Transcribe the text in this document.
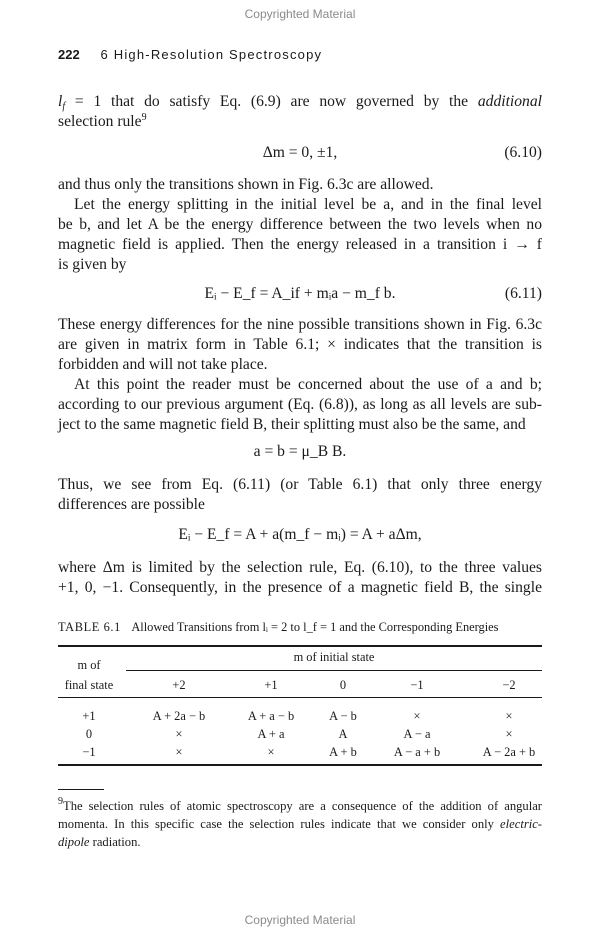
Copyrighted Material
222 6 High-Resolution Spectroscopy
$l_f = 1$ that do satisfy Eq. (6.9) are now governed by the additional
selection rule$^9$
Δm = 0, ±1,	(6.10)
and thus only the transitions shown in Fig. 6.3c are allowed.
Let the energy splitting in the initial level be a, and in the final level
be b, and let A be the energy difference between the two levels when no
magnetic field is applied. Then the energy released in a transition i → f
is given by
Eᵢ − E_f = A_if + mᵢa − m_f b.	(6.11)
These energy differences for the nine possible transitions shown in Fig. 6.3c
are given in matrix form in Table 6.1; × indicates that the transition is
forbidden and will not take place.
At this point the reader must be concerned about the use of a and b;
according to our previous argument (Eq. (6.8)), as long as all levels are sub-
ject to the same magnetic field B, their splitting must also be the same, and
a = b = μ_B B.
Thus, we see from Eq. (6.11) (or Table 6.1) that only three energy
differences are possible
Eᵢ − E_f = A + a(m_f − mᵢ) = A + aΔm,
where Δm is limited by the selection rule, Eq. (6.10), to the three values
+1, 0, −1. Consequently, in the presence of a magnetic field B, the single
TABLE 6.1 Allowed Transitions from lᵢ = 2 to l_f = 1 and the Corresponding Energies
m of
final state
m of initial state
+2	+1	0	−1	−2
+1	A + 2a − b	A + a − b	A − b	×	×
0	×	A + a	A	A − a	×
−1	×	×	A + b	A − a + b	A − 2a + b
$^9$The selection rules of atomic spectroscopy are a consequence of the addition of angular
momenta. In this specific case the selection rules indicate that we consider only electric-
dipole radiation.
Copyrighted Material
